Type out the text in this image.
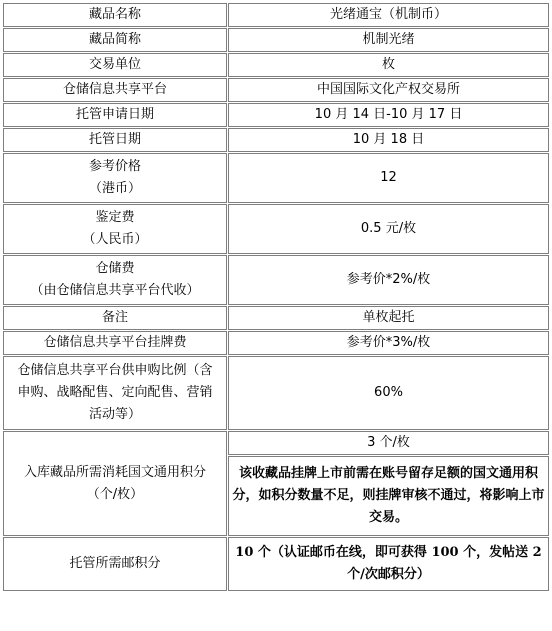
藏品名称	光绪通宝（机制币）
藏品简称	机制光绪
交易单位	枚
仓储信息共享平台	中国国际文化产权交易所
托管申请日期	10 月 14 日-10 月 17 日
托管日期	10 月 18 日

参考价格
（港币）	12

鉴定费
（人民币）	0.5 元/枚

仓储费
（由仓储信息共享平台代收）	参考价*2%/枚
备注	单枚起托
仓储信息共享平台挂牌费	参考价*3%/枚

仓储信息共享平台供申购比例（含
申购、战略配售、定向配售、营销
活动等）	60%

入库藏品所需消耗国文通用积分
（个/枚）	3 个/枚
	该收藏品挂牌上市前需在账号留存足额的国文通用积分，如积分数量不足，则挂牌审核不通过，将影响上市交易。
托管所需邮积分	10 个（认证邮币在线，即可获得 100 个，发帖送 2 个/次邮积分）
